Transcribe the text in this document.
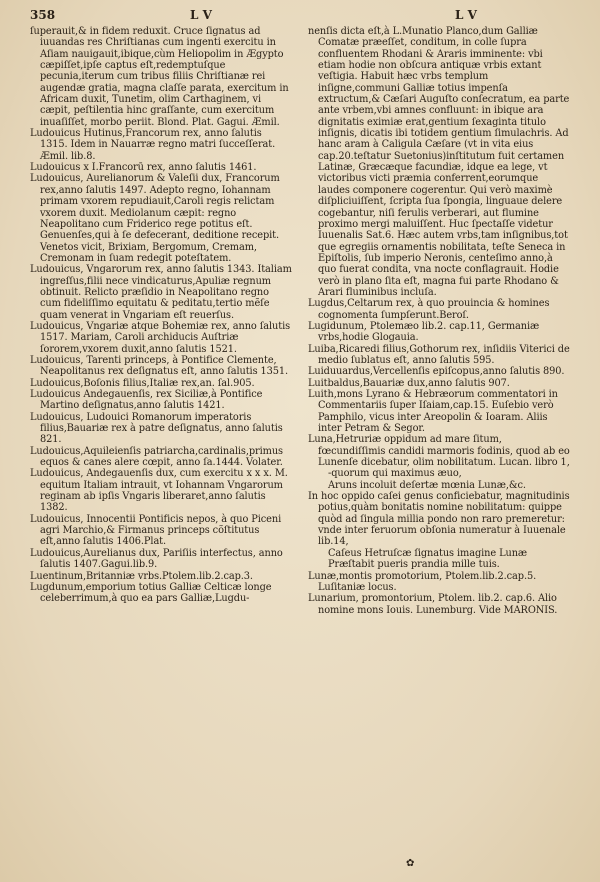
358	L V	L V

ſuperauit,& in fidem reduxit. Cruce ſignatus ad iuuandas res Chriſtianas cum ingenti exercitu in Aſiam nauigauit,ibique,cùm Heliopolim in Ægypto cæpiſſet,ipſe captus eſt,redemptuſque pecunia,iterum cum tribus filiis Chriſtianæ rei augendæ gratia, magna claſſe parata, exercitum in Africam duxit, Tunetim, olim Carthaginem, vi cæpit, peſtilentia hinc graſſante, cum exercitum inuaſiſſet, morbo periit. Blond. Plat. Gagui. Æmil.

Ludouicus Hutinus,Francorum rex, anno ſalutis 1315. Idem in Nauarræ regno matri ſucceſſerat. Æmil. lib.8.

Ludouicus x I.Francorū rex, anno ſalutis 1461.

Ludouicus, Aurelianorum & Valeſii dux, Francorum rex,anno ſalutis 1497. Adepto regno, Iohannam primam vxorem repudiauit,Caroli regis relictam vxorem duxit. Mediolanum cæpit: regno Neapolitano cum Friderico rege potitus eſt. Genuenſes,qui à ſe defecerant, deditione recepit. Venetos vicit, Brixiam, Bergomum, Cremam, Cremonam in ſuam redegit poteſtatem.

Ludouicus, Vngarorum rex, anno ſalutis 1343. Italiam ingreſſus,filii nece vindicaturus,Apuliæ regnum obtinuit. Relicto præſidio in Neapolitano regno cum fideliſſimo equitatu & peditatu,tertio mẽſe quam venerat in Vngariam eſt reuerſus.

Ludouicus, Vngariæ atque Bohemiæ rex, anno ſalutis 1517. Mariam, Caroli archiducis Auſtriæ ſororem,vxorem duxit,anno ſalutis 1521.

Ludouicus, Tarenti princeps, à Pontifice Clemente, Neapolitanus rex deſignatus eſt, anno ſalutis 1351.

Ludouicus,Boſonis filius,Italiæ rex,an. ſal.905.

Ludouicus Andegauenſis, rex Siciliæ,à Pontifice Martino deſignatus,anno ſalutis 1421.

Ludouicus, Ludouici Romanorum imperatoris filius,Bauariæ rex à patre deſignatus, anno ſalutis 821.

Ludouicus,Aquileienſis patriarcha,cardinalis,primus equos & canes alere cœpit, anno ſa.1444. Volater.

Ludouicus, Andegauenſis dux, cum exercitu x x x. M. equitum Italiam intrauit, vt Iohannam Vngarorum reginam ab ipſis Vngaris liberaret,anno ſalutis 1382.

Ludouicus, Innocentii Pontificis nepos, à quo Piceni agri Marchio,& Firmanus princeps cõſtitutus eſt,anno ſalutis 1406.Plat.

Ludouicus,Aurelianus dux, Pariſiis interfectus, anno ſalutis 1407.Gagui.lib.9.

Luentinum,Britanniæ vrbs.Ptolem.lib.2.cap.3.

Lugdunum,emporium totius Galliæ Celticæ longe celeberrimum,à quo ea pars Galliæ,Lugdu-

nenſis dicta eſt,à L.Munatio Planco,dum Galliæ Comatæ præeſſet, conditum, in colle ſupra confluentem Rhodani & Araris imminente: vbi etiam hodie non obſcura antiquæ vrbis extant veſtigia. Habuit hæc vrbs templum inſigne,communi Galliæ totius impenſa extructum,& Cæſari Auguſto conſecratum, ea parte ante vrbem,vbi amnes confluunt: in ibique ara dignitatis eximiæ erat,gentium ſexaginta titulo inſignis, dicatis ibi totidem gentium ſimulachris. Ad hanc aram à Caligula Cæſare (vt in vita eius cap.20.teſtatur Suetonius)inſtitutum fuit certamen Latinæ, Græcæque facundiæ, idque ea lege, vt victoribus victi præmia conferrent,eorumque laudes componere cogerentur. Qui verò maximè diſpliciuiſſent, ſcripta ſua ſpongia, linguaue delere cogebantur, niſi ferulis verberari, aut flumine proximo mergi maluiſſent. Huc ſpectaſſe videtur Iuuenalis Sat.6. Hæc autem vrbs,tam inſignibus,tot que egregiis ornamentis nobilitata, teſte Seneca in Epiſtolis, ſub imperio Neronis, centeſimo anno,à quo fuerat condita, vna nocte conflagrauit. Hodie verò in plano ſita eſt, magna fui parte Rhodano & Arari fluminibus incluſa.

Lugdus,Celtarum rex, à quo prouincia & homines cognomenta ſumpſerunt.Beroſ.

Lugidunum, Ptolemæo lib.2. cap.11, Germaniæ vrbs,hodie Glogauia.

Luiba,Ricaredi filius,Gothorum rex, inſidiis Viterici de medio ſublatus eſt, anno ſalutis 595.

Luiduuardus,Vercellenſis epiſcopus,anno ſalutis 890.

Luitbaldus,Bauariæ dux,anno ſalutis 907.

Luith,mons Lyrano & Hebræorum commentatori in Commentariis ſuper Iſaiam,cap.15. Euſebio verò Pamphilo, vicus inter Areopolin & Ioaram. Aliis inter Petram & Segor.

Luna,Hetruriæ oppidum ad mare ſitum, fœcundiſſimis candidi marmoris fodinis, quod ab eo Lunenſe dicebatur, olim nobilitatum. Lucan. libro 1,

-quorum qui maximus æuo,

Aruns incoluit deſertæ mœnia Lunæ,&c.

In hoc oppido caſei genus conficiebatur, magnitudinis potius,quàm bonitatis nomine nobilitatum: quippe quòd ad ſingula millia pondo non raro premeretur: vnde inter feruorum obſonia numeratur à Iuuenale lib.14,

Caſeus Hetruſcæ ſignatus imagine Lunæ

Præſtabit pueris prandia mille tuis.

Lunæ,montis promotorium, Ptolem.lib.2.cap.5. Luſitaniæ locus.

Lunarium, promontorium, Ptolem. lib.2. cap.6. Alio nomine mons Iouis. Lunemburg. Vide MARONIS.

✿
